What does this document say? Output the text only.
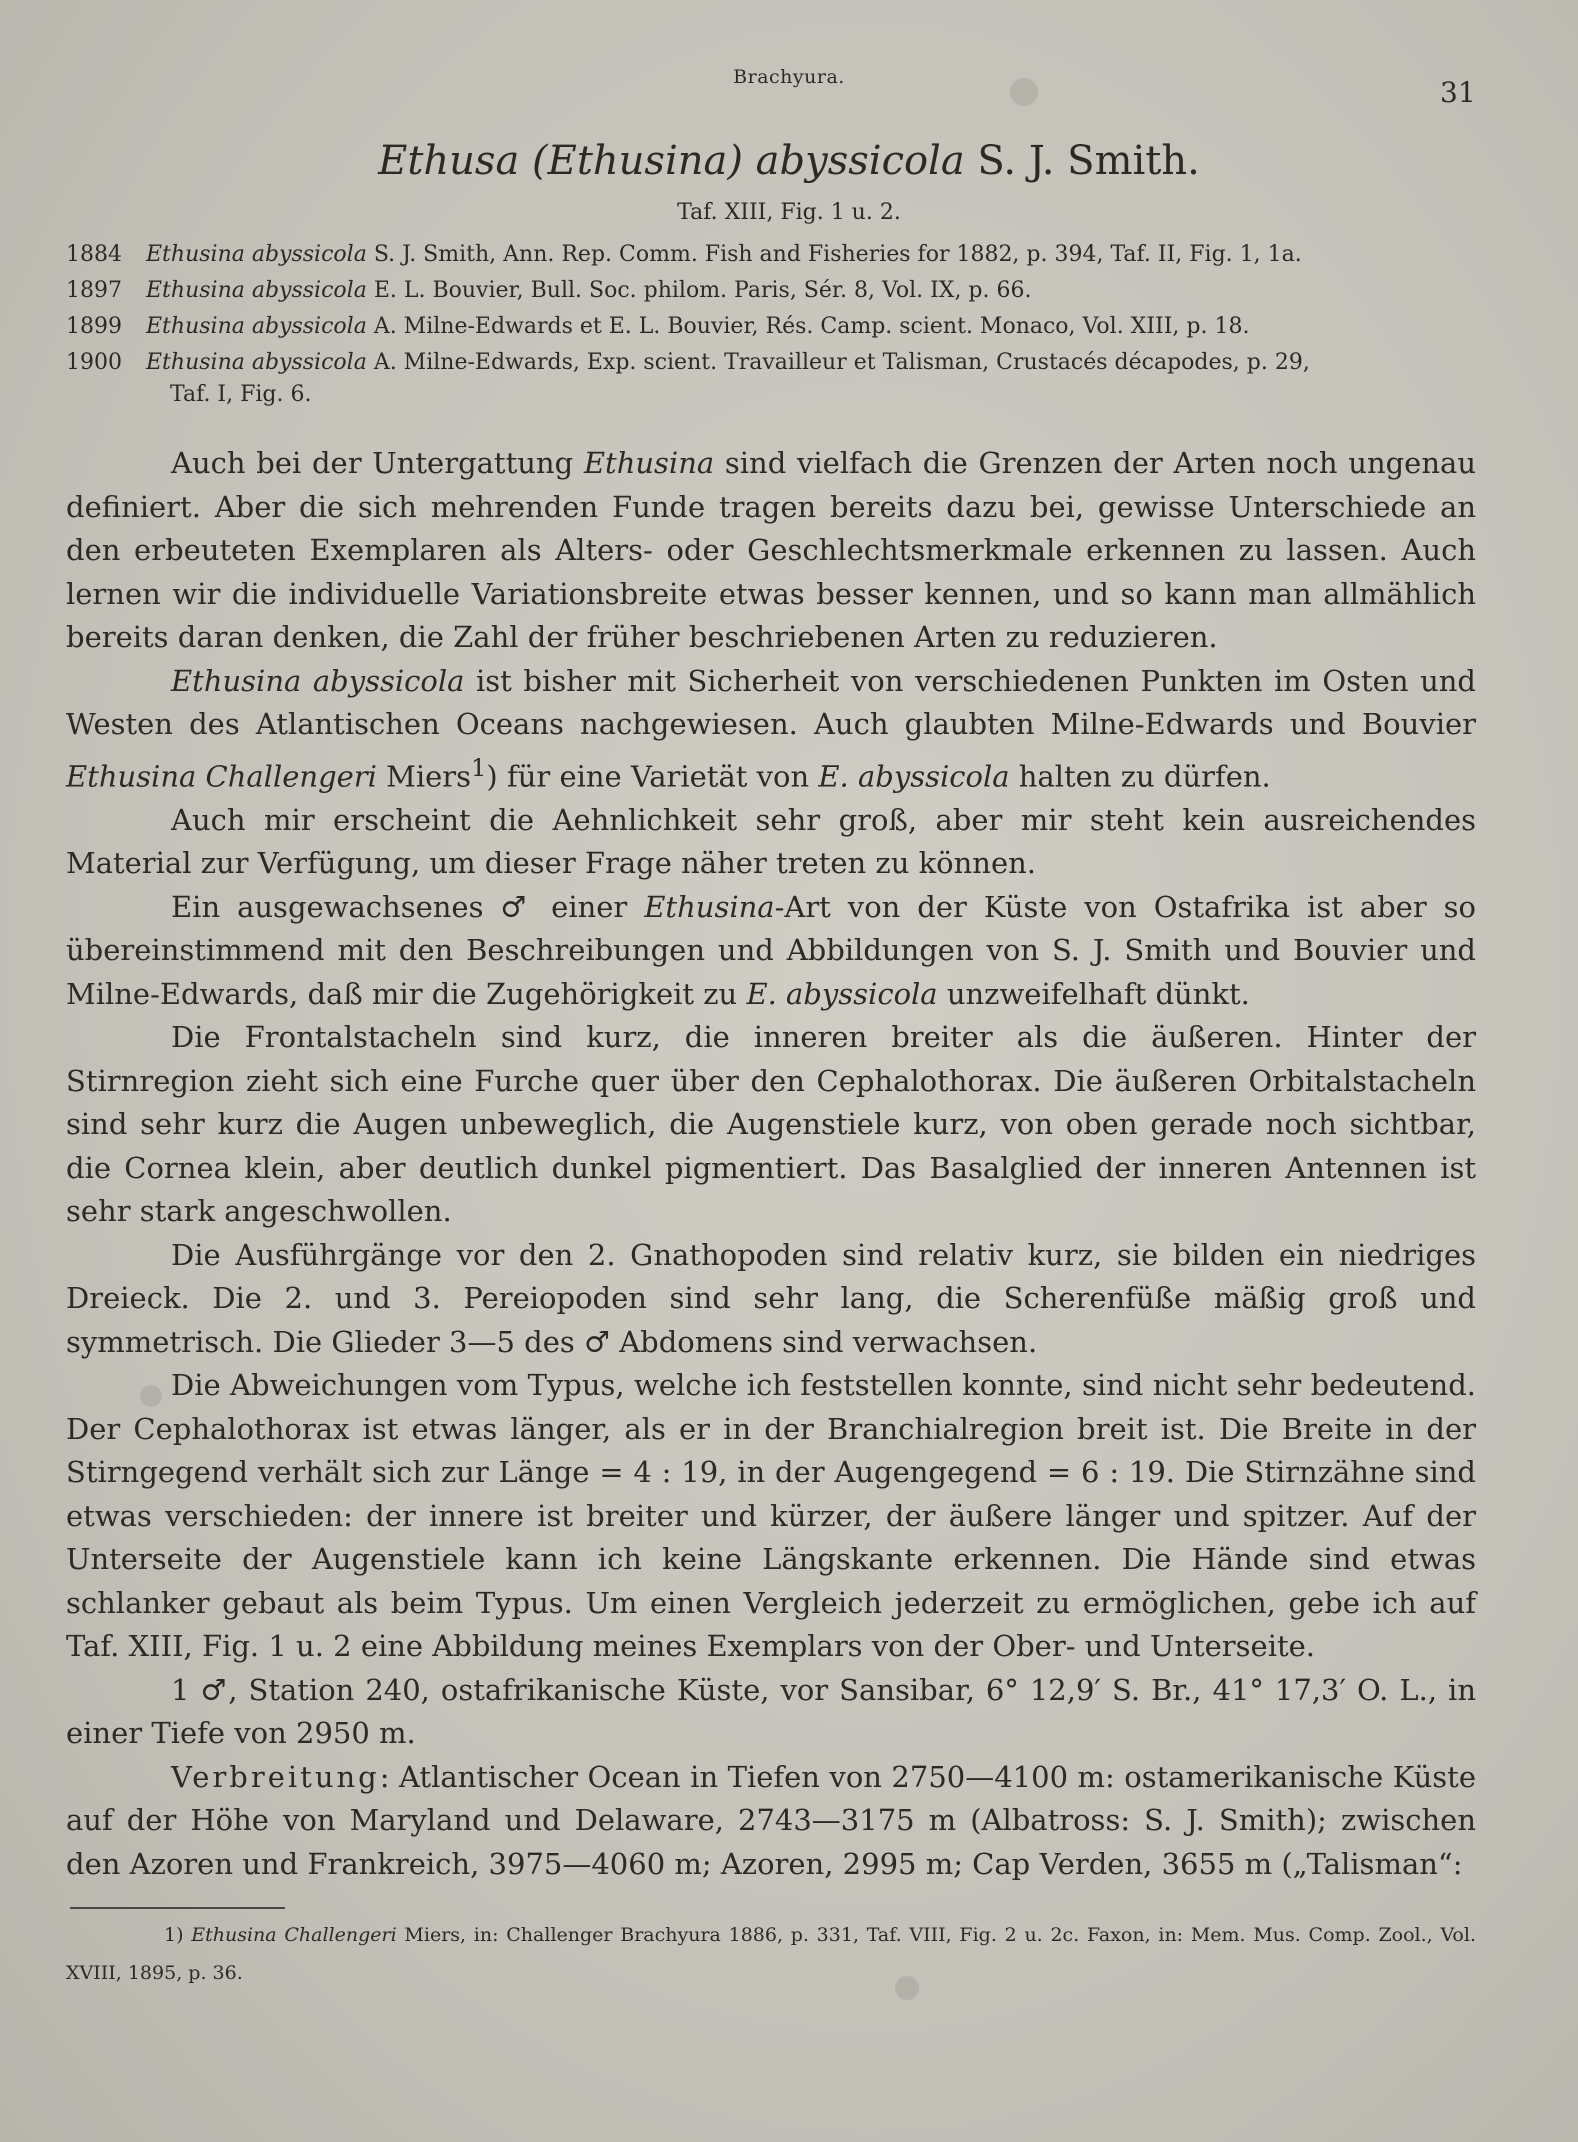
Brachyura.	31
Ethusa (Ethusina) abyssicola S. J. Smith.
Taf. XIII, Fig. 1 u. 2.
1884 Ethusina abyssicola S. J. Smith, Ann. Rep. Comm. Fish and Fisheries for 1882, p. 394, Taf. II, Fig. 1, 1a.
1897 Ethusina abyssicola E. L. Bouvier, Bull. Soc. philom. Paris, Sér. 8, Vol. IX, p. 66.
1899 Ethusina abyssicola A. Milne-Edwards et E. L. Bouvier, Rés. Camp. scient. Monaco, Vol. XIII, p. 18.
1900 Ethusina abyssicola A. Milne-Edwards, Exp. scient. Travailleur et Talisman, Crustacés décapodes, p. 29,
Taf. I, Fig. 6.

Auch bei der Untergattung Ethusina sind vielfach die Grenzen der Arten noch ungenau definiert. Aber die sich mehrenden Funde tragen bereits dazu bei, gewisse Unterschiede an den erbeuteten Exemplaren als Alters- oder Geschlechtsmerkmale erkennen zu lassen. Auch lernen wir die individuelle Variationsbreite etwas besser kennen, und so kann man allmählich bereits daran denken, die Zahl der früher beschriebenen Arten zu reduzieren.

Ethusina abyssicola ist bisher mit Sicherheit von verschiedenen Punkten im Osten und Westen des Atlantischen Oceans nachgewiesen. Auch glaubten Milne-Edwards und Bouvier Ethusina Challengeri Miers$^1$) für eine Varietät von E. abyssicola halten zu dürfen.

Auch mir erscheint die Aehnlichkeit sehr groß, aber mir steht kein ausreichendes Material zur Verfügung, um dieser Frage näher treten zu können.

Ein ausgewachsenes ♂ einer Ethusina-Art von der Küste von Ostafrika ist aber so übereinstimmend mit den Beschreibungen und Abbildungen von S. J. Smith und Bouvier und Milne-Edwards, daß mir die Zugehörigkeit zu E. abyssicola unzweifelhaft dünkt.

Die Frontalstacheln sind kurz, die inneren breiter als die äußeren. Hinter der Stirnregion zieht sich eine Furche quer über den Cephalothorax. Die äußeren Orbitalstacheln sind sehr kurz die Augen unbeweglich, die Augenstiele kurz, von oben gerade noch sichtbar, die Cornea klein, aber deutlich dunkel pigmentiert. Das Basalglied der inneren Antennen ist sehr stark angeschwollen.

Die Ausführgänge vor den 2. Gnathopoden sind relativ kurz, sie bilden ein niedriges Dreieck. Die 2. und 3. Pereiopoden sind sehr lang, die Scherenfüße mäßig groß und symmetrisch. Die Glieder 3—5 des ♂ Abdomens sind verwachsen.

Die Abweichungen vom Typus, welche ich feststellen konnte, sind nicht sehr bedeutend. Der Cephalothorax ist etwas länger, als er in der Branchialregion breit ist. Die Breite in der Stirngegend verhält sich zur Länge = 4 : 19, in der Augengegend = 6 : 19. Die Stirnzähne sind etwas verschieden: der innere ist breiter und kürzer, der äußere länger und spitzer. Auf der Unterseite der Augenstiele kann ich keine Längskante erkennen. Die Hände sind etwas schlanker gebaut als beim Typus. Um einen Vergleich jederzeit zu ermöglichen, gebe ich auf Taf. XIII, Fig. 1 u. 2 eine Abbildung meines Exemplars von der Ober- und Unterseite.

1 ♂, Station 240, ostafrikanische Küste, vor Sansibar, 6° 12,9′ S. Br., 41° 17,3′ O. L., in einer Tiefe von 2950 m.

Verbreitung: Atlantischer Ocean in Tiefen von 2750—4100 m: ostamerikanische Küste auf der Höhe von Maryland und Delaware, 2743—3175 m (Albatross: S. J. Smith); zwischen den Azoren und Frankreich, 3975—4060 m; Azoren, 2995 m; Cap Verden, 3655 m („Talisman“:

1) Ethusina Challengeri Miers, in: Challenger Brachyura 1886, p. 331, Taf. VIII, Fig. 2 u. 2c. Faxon, in: Mem. Mus. Comp. Zool., Vol. XVIII, 1895, p. 36.
